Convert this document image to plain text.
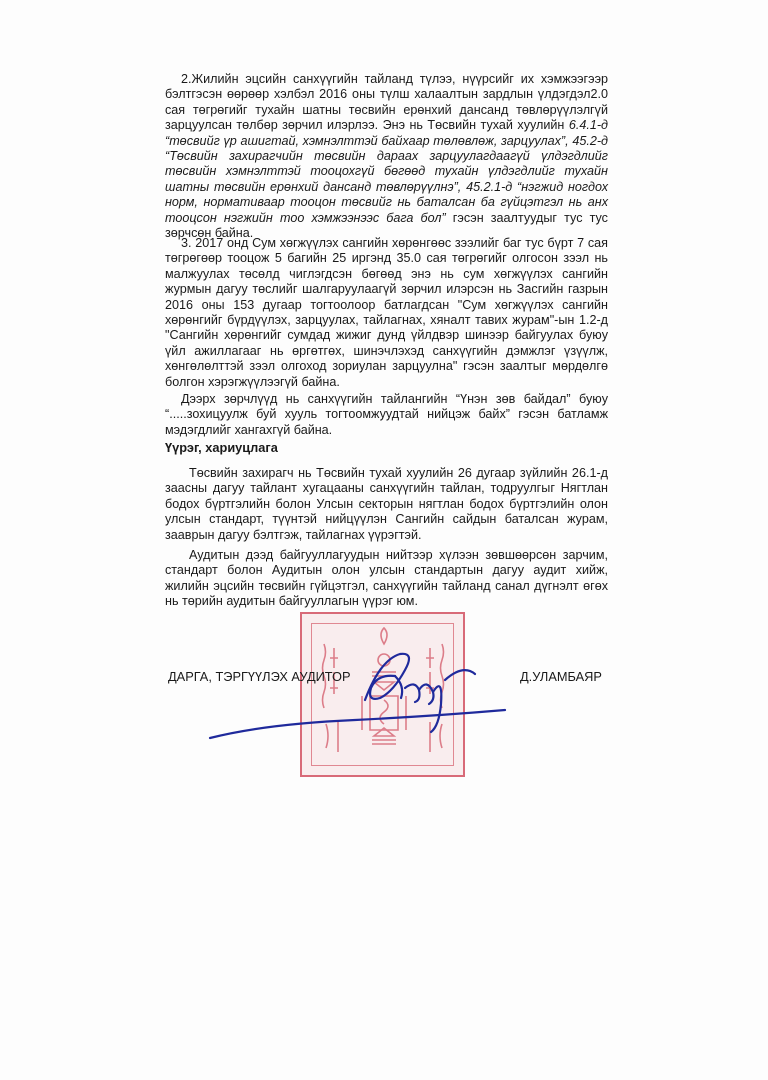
2.Жилийн эцсийн санхүүгийн тайланд түлээ, нүүрсийг их хэмжээгээр бэлтгэсэн өөрөөр хэлбэл 2016 оны түлш халаалтын зардлын үлдэгдэл2.0 сая төгрөгийг тухайн шатны төсвийн ерөнхий дансанд төвлөрүүлэлгүй зарцуулсан төлбөр зөрчил илэрлээ. Энэ нь Төсвийн тухай хуулийн 6.4.1-д “төсвийг үр ашигтай, хэмнэлттэй байхаар төлөвлөж, зарцуулах”, 45.2-д “Төсвийн захирагчийн төсвийн дараах зарцуулагдаагүй үлдэгдлийг төсвийн хэмнэлттэй тооцохгүй бөгөөд тухайн үлдэгдлийг тухайн шатны төсвийн ерөнхий дансанд төвлөрүүлнэ”, 45.2.1-д “нэгжид ногдох норм, нормативаар тооцон төсвийг нь баталсан ба гүйцэтгэл нь анх тооцсон нэгжийн тоо хэмжээнээс бага бол” гэсэн заалтуудыг тус тус зөрчсөн байна.

3. 2017 онд Сум хөгжүүлэх сангийн хөрөнгөөс зээлийг баг тус бүрт 7 сая төгрөгөөр тооцож 5 багийн 25 иргэнд 35.0 сая төгрөгийг олгосон зээл нь малжуулах төсөлд чиглэгдсэн бөгөөд энэ нь сум хөгжүүлэх сангийн журмын дагуу төслийг шалгаруулаагүй зөрчил илэрсэн нь Засгийн газрын 2016 оны 153 дугаар тогтоолоор батлагдсан "Сум хөгжүүлэх сангийн хөрөнгийг бүрдүүлэх, зарцуулах, тайлагнах, хяналт тавих журам"-ын 1.2-д "Сангийн хөрөнгийг сумдад жижиг дунд үйлдвэр шинээр байгуулах буюу үйл ажиллагааг нь өргөтгөх, шинэчлэхэд санхүүгийн дэмжлэг үзүүлж, хөнгөлөлттэй зээл олгоход зориулан зарцуулна" гэсэн заалтыг мөрдөлгө болгон хэрэгжүүлээгүй байна.

Дээрх зөрчлүүд нь санхүүгийн тайлангийн “Үнэн зөв байдал” буюу “.....зохицуулж буй хууль тогтоомжуудтай нийцэж байх” гэсэн батламж мэдэгдлийг хангахгүй байна.

Үүрэг, хариуцлага

Төсвийн захирагч нь Төсвийн тухай хуулийн 26 дугаар зүйлийн 26.1-д заасны дагуу тайлант хугацааны санхүүгийн тайлан, тодруулгыг Нягтлан бодох бүртгэлийн болон Улсын секторын нягтлан бодох бүртгэлийн олон улсын стандарт, түүнтэй нийцүүлэн Сангийн сайдын баталсан журам, зааврын дагуу бэлтгэж, тайлагнах үүрэгтэй.

Аудитын дээд байгууллагуудын нийтээр хүлээн зөвшөөрсөн зарчим, стандарт болон Аудитын олон улсын стандартын дагуу аудит хийж, жилийн эцсийн төсвийн гүйцэтгэл, санхүүгийн тайланд санал дүгнэлт өгөх нь төрийн аудитын байгууллагын үүрэг юм.

ДАРГА, ТЭРГҮҮЛЭХ АУДИТОР	Д.УЛАМБАЯР
